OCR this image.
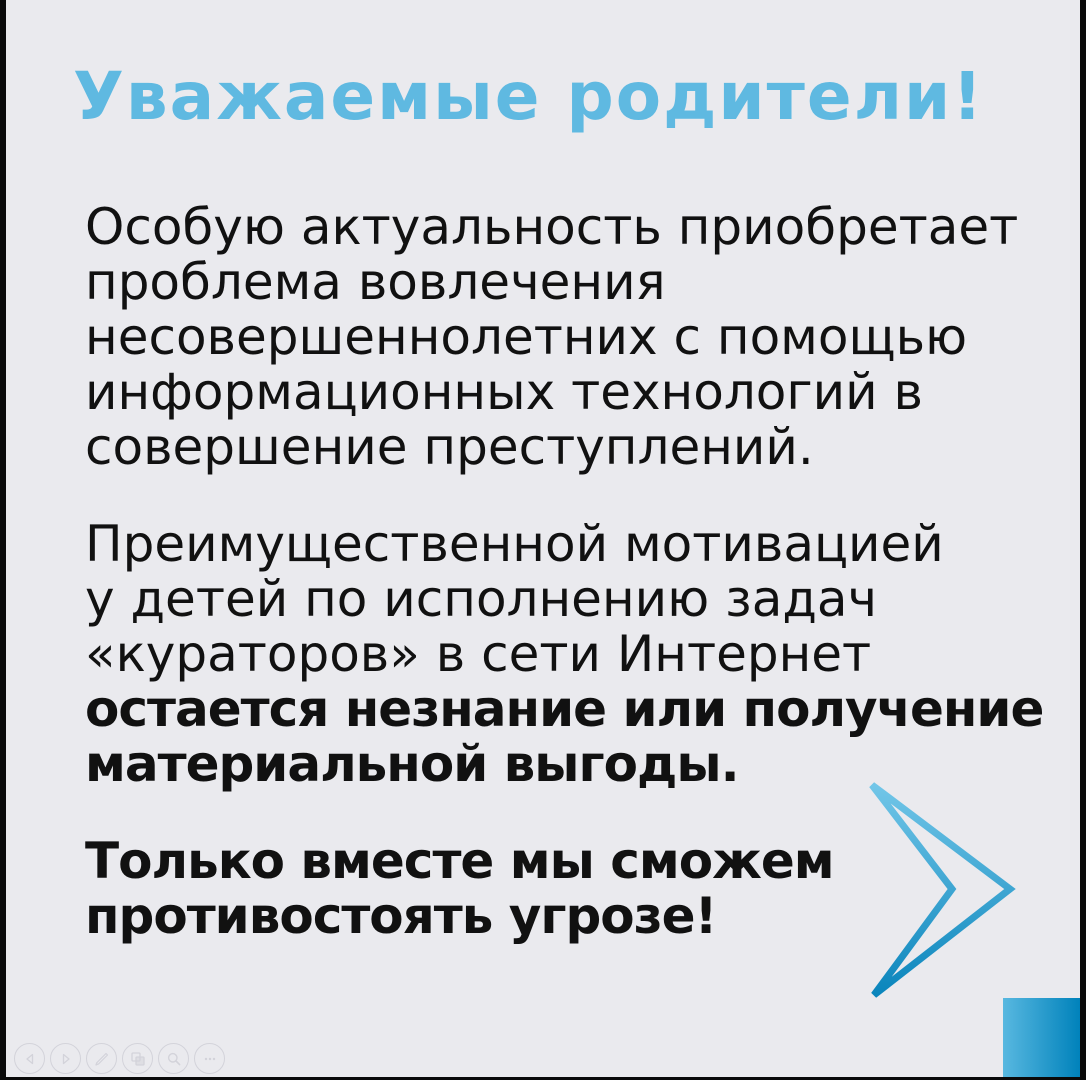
Уважаемые родители!
Особую актуальность приобретает
проблема вовлечения
несовершеннолетних с помощью
информационных технологий в
совершение преступлений.
Преимущественной мотивацией
у детей по исполнению задач
«кураторов» в сети Интернет
остается незнание или получение
материальной выгоды.
Только вместе мы сможем
противостоять угрозе!
